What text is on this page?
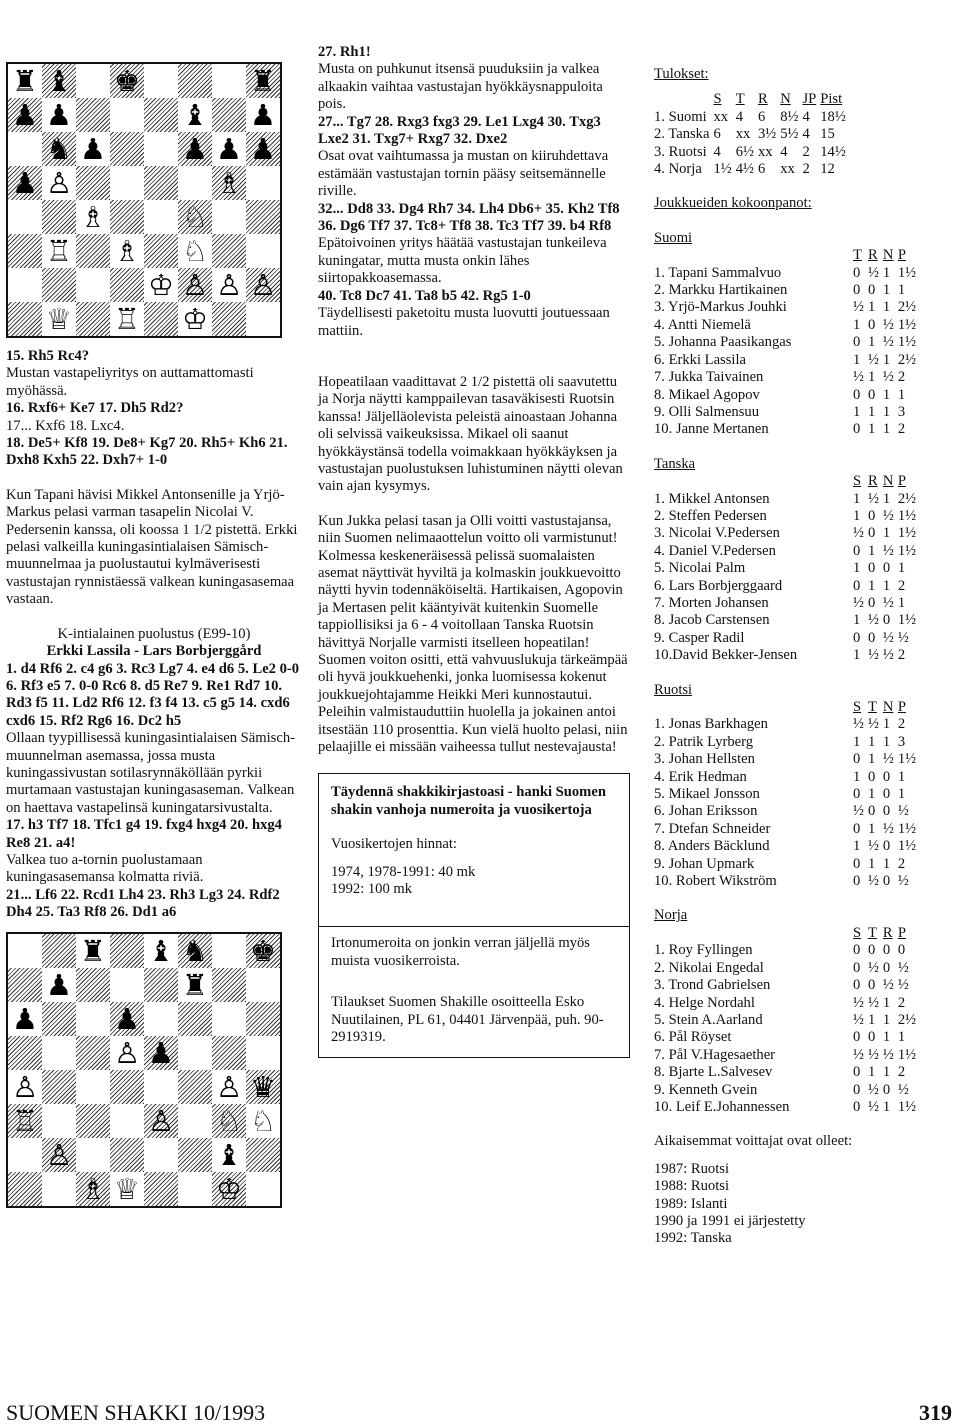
♜ ♝ ♚	♜
♟ ♟	♝ ♟
♞ ♟	♟ ♟ ♟
♟ ♙	♗
♗	♘
♖ ♗ ♘
♔ ♙ ♙ ♙
♕ ♖ ♔

15. Rh5 Rc4?

Mustan vastapeliyritys on auttamattomasti myöhässä.

16. Rxf6+ Ke7 17. Dh5 Rd2?

17... Kxf6 18. Lxc4.

18. De5+ Kf8 19. De8+ Kg7 20. Rh5+ Kh6 21. Dxh8 Kxh5 22. Dxh7+ 1-0

Kun Tapani hävisi Mikkel Antonsenille ja Yrjö-Markus pelasi varman tasapelin Nicolai V. Pedersenin kanssa, oli koossa 1 1/2 pistettä. Erkki pelasi valkeilla kuningasintialaisen Sämisch-muunnelmaa ja puolustautui kylmäverisesti vastustajan rynnistäessä valkean kuningasasemaa vastaan.

K-intialainen puolustus (E99-10)

Erkki Lassila - Lars Borbjerggård

1. d4 Rf6 2. c4 g6 3. Rc3 Lg7 4. e4 d6 5. Le2 0-0 6. Rf3 e5 7. 0-0 Rc6 8. d5 Re7 9. Re1 Rd7 10. Rd3 f5 11. Ld2 Rf6 12. f3 f4 13. c5 g5 14. cxd6 cxd6 15. Rf2 Rg6 16. Dc2 h5

Ollaan tyypillisessä kuningasintialaisen Sämisch-muunnelman asemassa, jossa musta kuningassivustan sotilasrynnäköllään pyrkii murtamaan vastustajan kuningasaseman. Valkean on haettava vastapelinsä kuningatarsivustalta.

17. h3 Tf7 18. Tfc1 g4 19. fxg4 hxg4 20. hxg4 Re8 21. a4!

Valkea tuo a-tornin puolustamaan kuningasasemansa kolmatta riviä.

21... Lf6 22. Rcd1 Lh4 23. Rh3 Lg3 24. Rdf2 Dh4 25. Ta3 Rf8 26. Dd1 a6

♜ ♝ ♞ ♚
♟	♜
♟	♟
♙ ♟
♙	♙ ♛
♖	♙ ♘ ♘
♙	♝
♗ ♕	♔

27. Rh1!

Musta on puhkunut itsensä puuduksiin ja valkea alkaakin vaihtaa vastustajan hyökkäysnappuloita pois.

27... Tg7 28. Rxg3 fxg3 29. Le1 Lxg4 30. Txg3 Lxe2 31. Txg7+ Rxg7 32. Dxe2

Osat ovat vaihtumassa ja mustan on kiiruhdettava estämään vastustajan tornin pääsy seitsemännelle riville.

32... Dd8 33. Dg4 Rh7 34. Lh4 Db6+ 35. Kh2 Tf8 36. Dg6 Tf7 37. Tc8+ Tf8 38. Tc3 Tf7 39. b4 Rf8

Epätoivoinen yritys häätää vastustajan tunkeileva kuningatar, mutta musta onkin lähes siirtopakkoasemassa.

40. Tc8 Dc7 41. Ta8 b5 42. Rg5 1-0

Täydellisesti paketoitu musta luovutti joutuessaan mattiin.

Hopeatilaan vaadittavat 2 1/2 pistettä oli saavutettu ja Norja näytti kamppailevan tasaväkisesti Ruotsin kanssa! Jäljelläolevista peleistä ainoastaan Johanna oli selvissä vaikeuksissa. Mikael oli saanut hyökkäystänsä todella voimakkaan hyökkäyksen ja vastustajan puolustuksen luhistuminen näytti olevan vain ajan kysymys.

Kun Jukka pelasi tasan ja Olli voitti vastustajansa, niin Suomen nelimaaottelun voitto oli varmistunut! Kolmessa keskeneräisessä pelissä suomalaisten asemat näyttivät hyviltä ja kolmaskin joukkuevoitto näytti hyvin todennäköiseltä. Hartikaisen, Agopovin ja Mertasen pelit kääntyivät kuitenkin Suomelle tappiollisiksi ja 6 - 4 voitollaan Tanska Ruotsin hävittyä Norjalle varmisti itselleen hopeatilan!

Suomen voiton ositti, että vahvuuslukuja tärkeämpää oli hyvä joukkuehenki, jonka luomisessa kokenut joukkuejohtajamme Heikki Meri kunnostautui. Peleihin valmistauduttiin huolella ja jokainen antoi itsestään 110 prosenttia. Kun vielä huolto pelasi, niin pelaajille ei missään vaiheessa tullut nestevajausta!

Täydennä shakkikirjastoasi - hanki Suomen shakin vanhoja numeroita ja vuosikertoja

Vuosikertojen hinnat:

1974, 1978-1991: 40 mk

1992: 100 mk

Irtonumeroita on jonkin verran jäljellä myös muista vuosikerroista.

Tilaukset Suomen Shakille osoitteella Esko Nuutilainen, PL 61, 04401 Järvenpää, puh. 90-2919319.

Tulokset:

	S	T	R	N	JP	Pist
1. Suomi	xx	4	6	8½	4	18½
2. Tanska	6	xx	3½	5½	4	15
3. Ruotsi	4	6½	xx	4	2	14½
4. Norja	1½	4½	6	xx	2	12

Joukkueiden kokoonpanot:

Suomi

	T	R	N	P
1. Tapani Sammalvuo	0	½	1	1½
2. Markku Hartikainen	0	0	1	1
3. Yrjö-Markus Jouhki	½	1	1	2½
4. Antti Niemelä	1	0	½	1½
5. Johanna Paasikangas	0	1	½	1½
6. Erkki Lassila	1	½	1	2½
7. Jukka Taivainen	½	1	½	2
8. Mikael Agopov	0	0	1	1
9. Olli Salmensuu	1	1	1	3
10. Janne Mertanen	0	1	1	2

Tanska

	S	R	N	P
1. Mikkel Antonsen	1	½	1	2½
2. Steffen Pedersen	1	0	½	1½
3. Nicolai V.Pedersen	½	0	1	1½
4. Daniel V.Pedersen	0	1	½	1½
5. Nicolai Palm	1	0	0	1
6. Lars Borbjerggaard	0	1	1	2
7. Morten Johansen	½	0	½	1
8. Jacob Carstensen	1	½	0	1½
9. Casper Radil	0	0	½	½
10.David Bekker-Jensen	1	½	½	2

Ruotsi

	S	T	N	P
1. Jonas Barkhagen	½	½	1	2
2. Patrik Lyrberg	1	1	1	3
3. Johan Hellsten	0	1	½	1½
4. Erik Hedman	1	0	0	1
5. Mikael Jonsson	0	1	0	1
6. Johan Eriksson	½	0	0	½
7. Dtefan Schneider	0	1	½	1½
8. Anders Bäcklund	1	½	0	1½
9. Johan Upmark	0	1	1	2
10. Robert Wikström	0	½	0	½

Norja

	S	T	R	P
1. Roy Fyllingen	0	0	0	0
2. Nikolai Engedal	0	½	0	½
3. Trond Gabrielsen	0	0	½	½
4. Helge Nordahl	½	½	1	2
5. Stein A.Aarland	½	1	1	2½
6. Pål Röyset	0	0	1	1
7. Pål V.Hagesaether	½	½	½	1½
8. Bjarte L.Salvesev	0	1	1	2
9. Kenneth Gvein	0	½	0	½
10. Leif E.Johannessen	0	½	1	1½

Aikaisemmat voittajat ovat olleet:

1987: Ruotsi

1988: Ruotsi

1989: Islanti

1990 ja 1991 ei järjestetty

1992: Tanska

SUOMEN SHAKKI 10/1993	319
